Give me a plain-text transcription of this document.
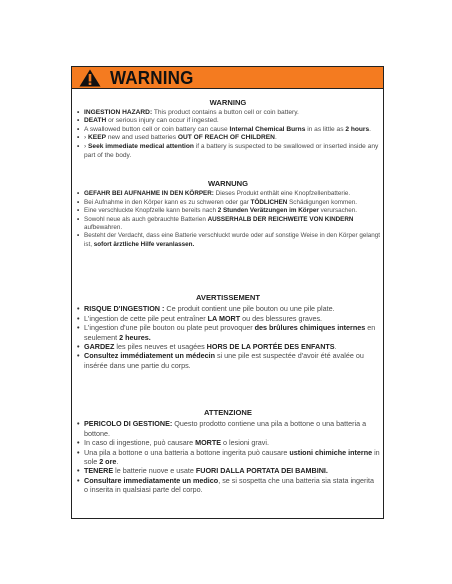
WARNING
WARNING
• INGESTION HAZARD: This product contains a button cell or coin battery.
• DEATH or serious injury can occur if ingested.
• A swallowed button cell or coin battery can cause Internal Chemical Burns in as little as 2 hours.
• › KEEP new and used batteries OUT OF REACH OF CHILDREN.
• › Seek immediate medical attention if a battery is suspected to be swallowed or inserted inside any part of the body.
WARNUNG
• GEFAHR BEI AUFNAHME IN DEN KÖRPER: Dieses Produkt enthält eine Knopfzellenbatterie.
• Bei Aufnahme in den Körper kann es zu schweren oder gar TÖDLICHEN Schädigungen kommen.
• Eine verschluckte Knopfzelle kann bereits nach 2 Stunden Verätzungen im Körper verursachen.
• Sowohl neue als auch gebrauchte Batterien AUSSERHALB DER REICHWEITE VON KINDERN aufbewahren.
• Besteht der Verdacht, dass eine Batterie verschluckt wurde oder auf sonstige Weise in den Körper gelangt ist, sofort ärztliche Hilfe veranlassen.
AVERTISSEMENT
• RISQUE D'INGESTION : Ce produit contient une pile bouton ou une pile plate.
• L'ingestion de cette pile peut entraîner LA MORT ou des blessures graves.
• L'ingestion d'une pile bouton ou plate peut provoquer des brûlures chimiques internes en seulement 2 heures.
• GARDEZ les piles neuves et usagées HORS DE LA PORTÉE DES ENFANTS.
• Consultez immédiatement un médecin si une pile est suspectée d'avoir été avalée ou insérée dans une partie du corps.
ATTENZIONE
• PERICOLO DI GESTIONE: Questo prodotto contiene una pila a bottone o una batteria a bottone.
• In caso di ingestione, può causare MORTE o lesioni gravi.
• Una pila a bottone o una batteria a bottone ingerita può causare ustioni chimiche interne in sole 2 ore.
• TENERE le batterie nuove e usate FUORI DALLA PORTATA DEI BAMBINI.
• Consultare immediatamente un medico, se si sospetta che una batteria sia stata ingerita o inserita in qualsiasi parte del corpo.
